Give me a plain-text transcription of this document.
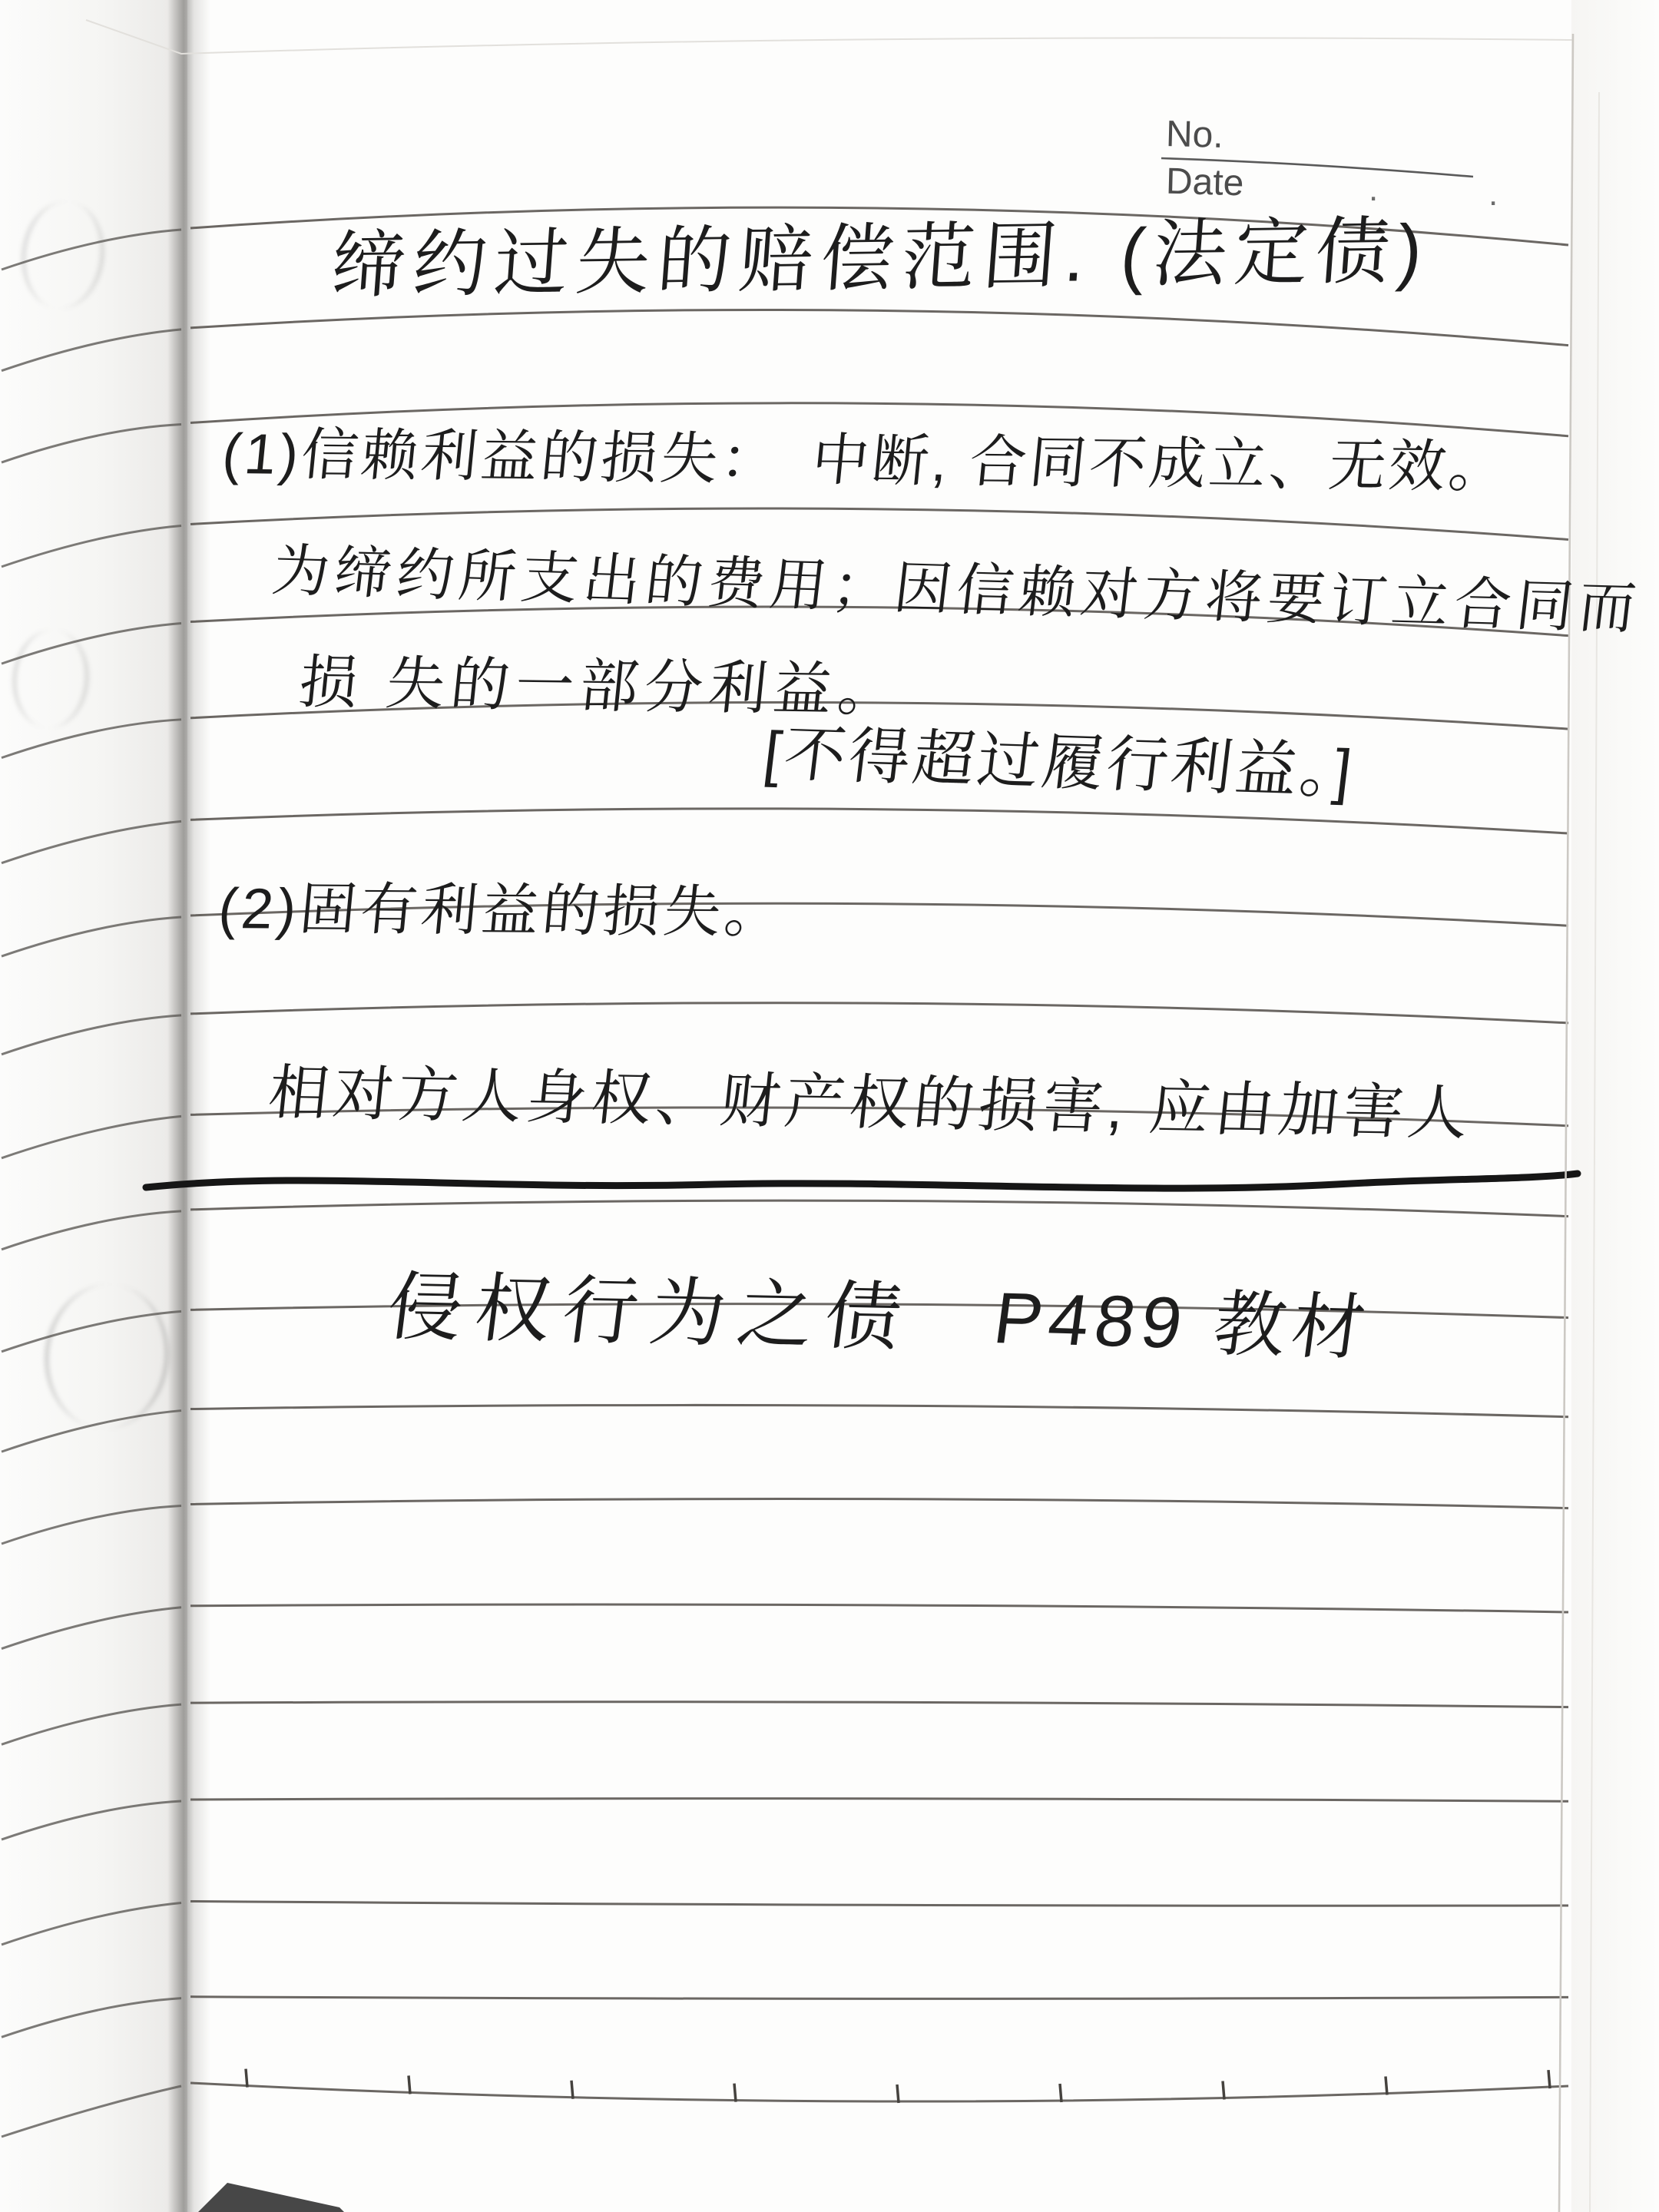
No.
Date	.	.
缔约过失的赔偿范围. (法定债)
(1)信赖利益的损失：　中断, 合同不成立、无效。
为缔约所支出的费用；因信赖对方将要订立合同而
损 失的一部分利益。
[不得超过履行利益。]
(2)固有利益的损失。
相对方人身权、财产权的损害, 应由加害人
侵权行为之债 P489 教材
